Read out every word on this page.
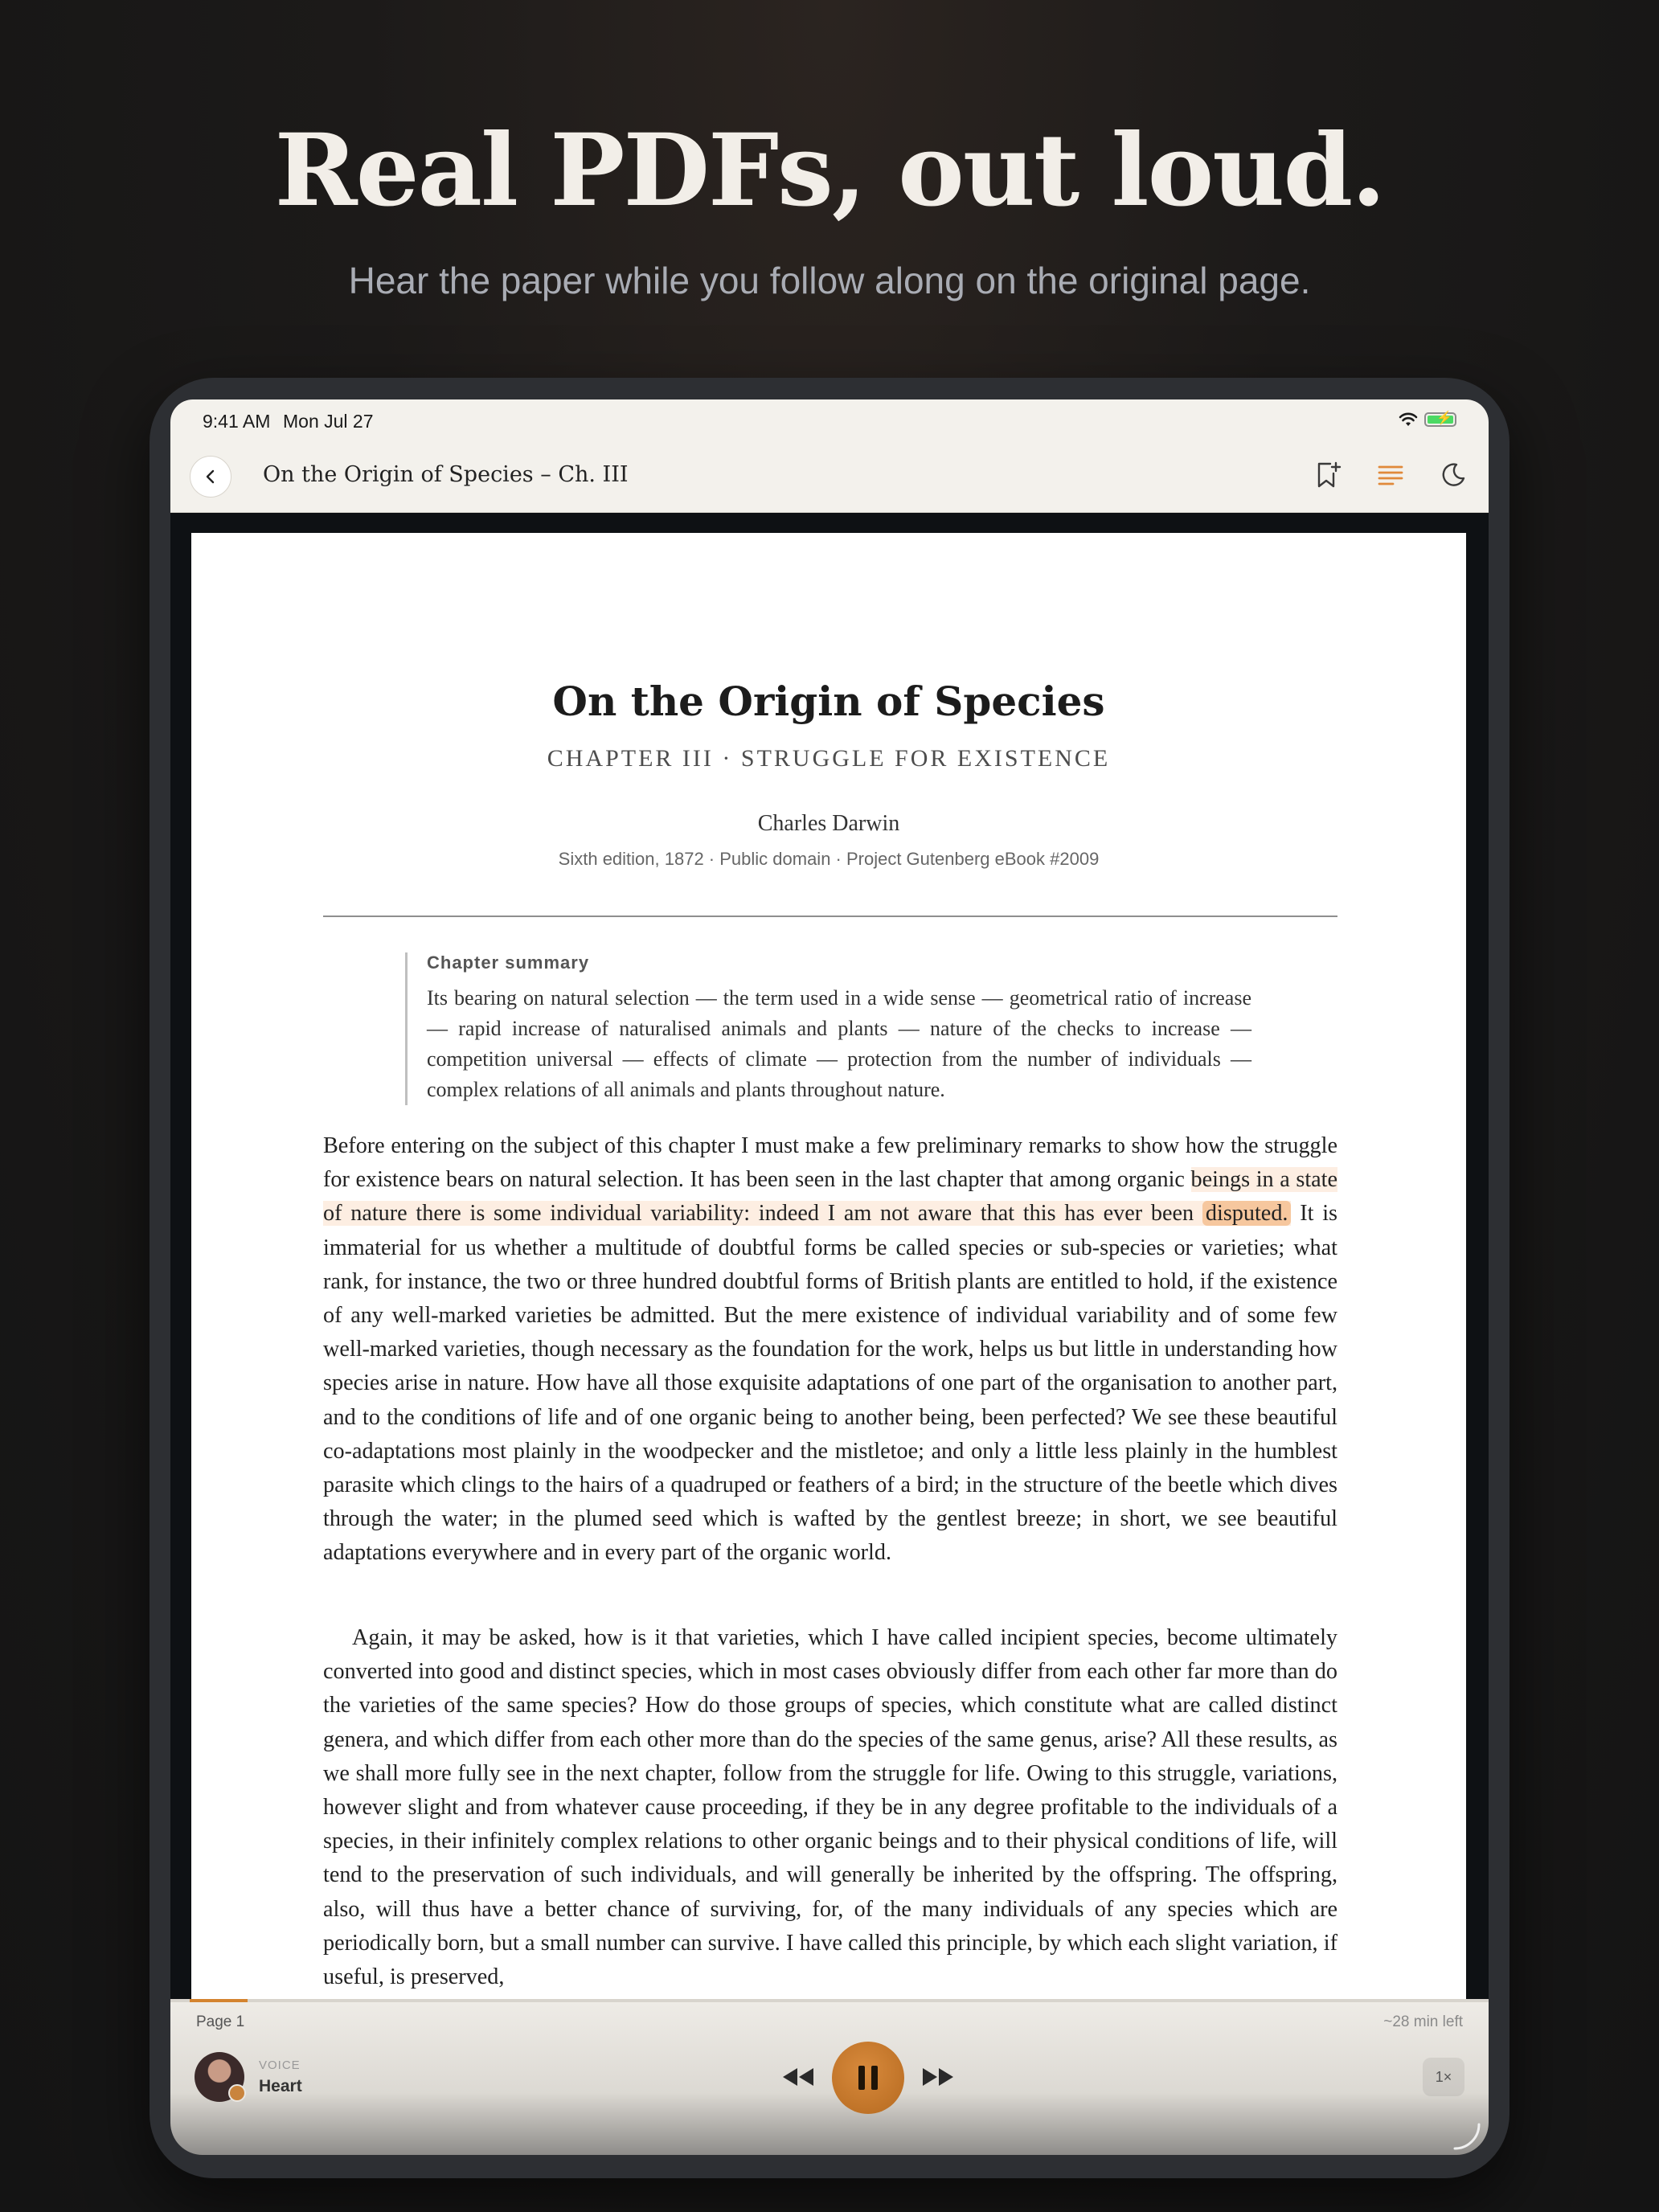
Real PDFs, out loud.

Hear the paper while you follow along on the original page.

9:41 AM Mon Jul 27	⚡
On the Origin of Species – Ch. III
On the Origin of Species
CHAPTER III · STRUGGLE FOR EXISTENCE
Charles Darwin
Sixth edition, 1872 · Public domain · Project Gutenberg eBook #2009
Chapter summary
Its bearing on natural selection — the term used in a wide sense — geometrical ratio of increase — rapid increase of naturalised animals and plants — nature of the checks to increase — competition universal — effects of climate — protection from the number of individuals — complex relations of all animals and plants throughout nature.

Before entering on the subject of this chapter I must make a few preliminary remarks to show how the struggle for existence bears on natural selection. It has been seen in the last chapter that among organic beings in a state of nature there is some individual variability: indeed I am not aware that this has ever been disputed. It is immaterial for us whether a multitude of doubtful forms be called species or sub-species or varieties; what rank, for instance, the two or three hundred doubtful forms of British plants are entitled to hold, if the existence of any well-marked varieties be admitted. But the mere existence of individual variability and of some few well-marked varieties, though necessary as the foundation for the work, helps us but little in understanding how species arise in nature. How have all those exquisite adaptations of one part of the organisation to another part, and to the conditions of life and of one organic being to another being, been perfected? We see these beautiful co-adaptations most plainly in the woodpecker and the mistletoe; and only a little less plainly in the humblest parasite which clings to the hairs of a quadruped or feathers of a bird; in the structure of the beetle which dives through the water; in the plumed seed which is wafted by the gentlest breeze; in short, we see beautiful adaptations everywhere and in every part of the organic world.

Again, it may be asked, how is it that varieties, which I have called incipient species, become ultimately converted into good and distinct species, which in most cases obviously differ from each other far more than do the varieties of the same species? How do those groups of species, which constitute what are called distinct genera, and which differ from each other more than do the species of the same genus, arise? All these results, as we shall more fully see in the next chapter, follow from the struggle for life. Owing to this struggle, variations, however slight and from whatever cause proceeding, if they be in any degree profitable to the individuals of a species, in their infinitely complex relations to other organic beings and to their physical conditions of life, will tend to the preservation of such individuals, and will generally be inherited by the offspring. The offspring, also, will thus have a better chance of surviving, for, of the many individuals of any species which are periodically born, but a small number can survive. I have called this principle, by which each slight variation, if useful, is preserved,

Page 1	~28 min left
VOICE
Heart
1×
